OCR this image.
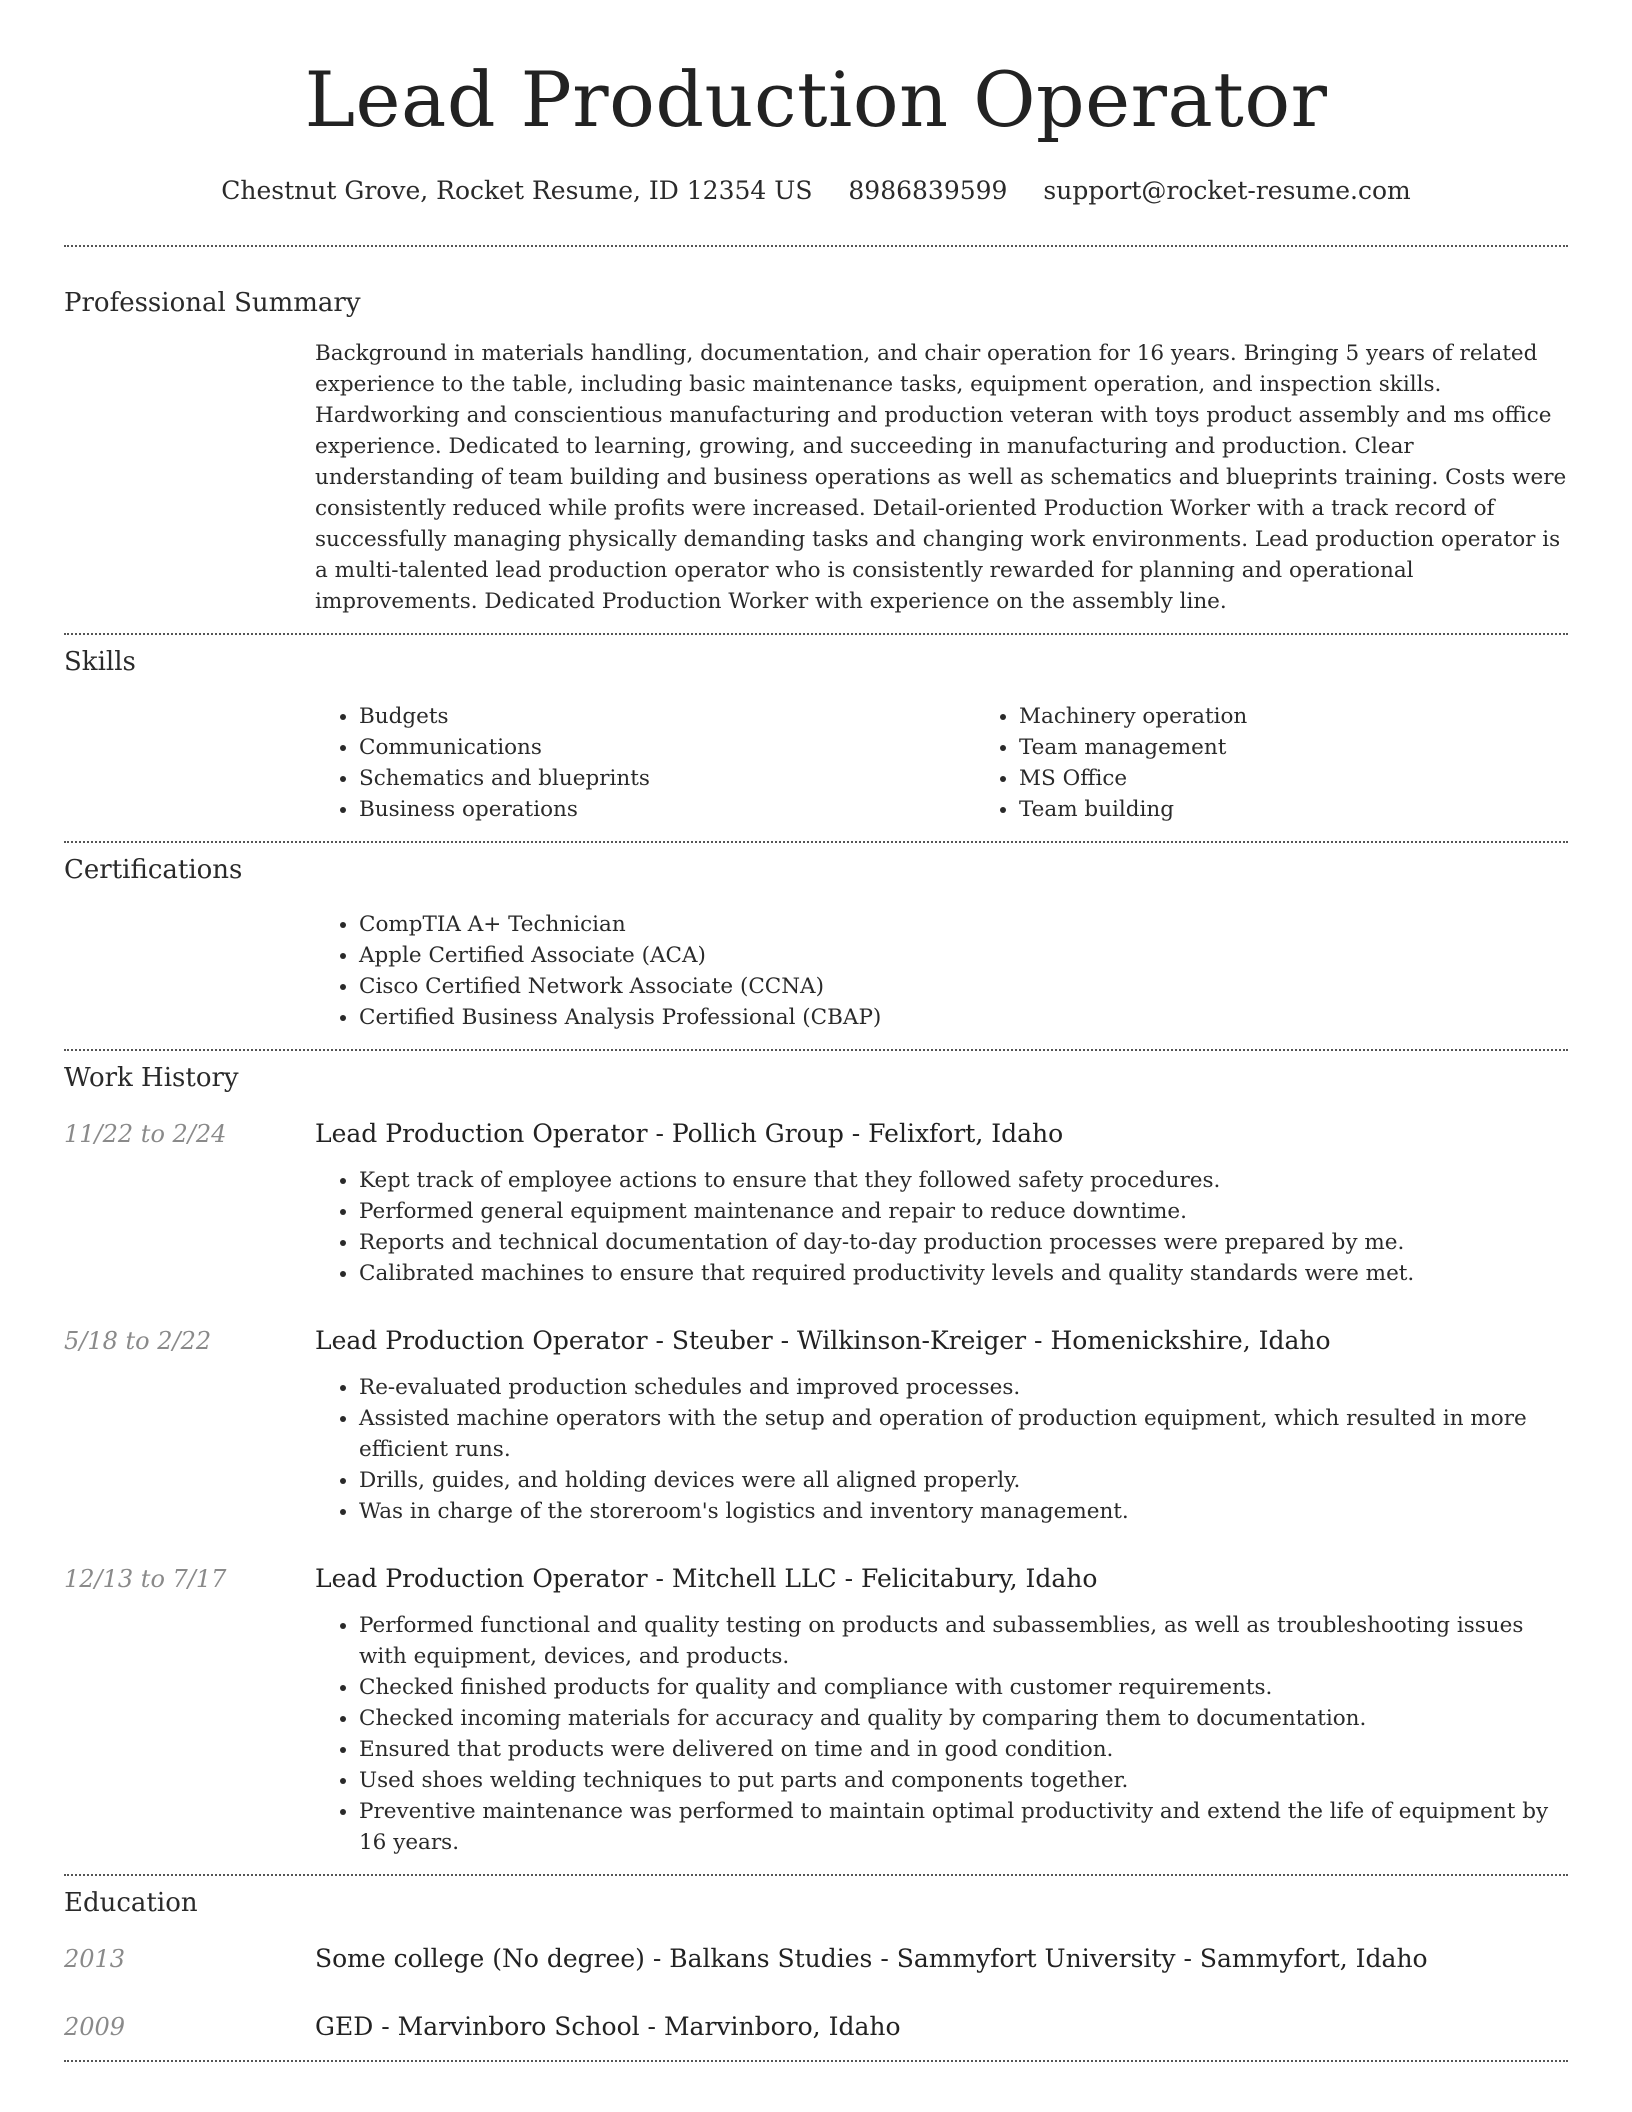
Lead Production Operator
Chestnut Grove, Rocket Resume, ID 12354 US 8986839599 support@rocket-resume.com
Professional Summary
Background in materials handling, documentation, and chair operation for 16 years. Bringing 5 years of related experience to the table, including basic maintenance tasks, equipment operation, and inspection skills. Hardworking and conscientious manufacturing and production veteran with toys product assembly and ms office experience. Dedicated to learning, growing, and succeeding in manufacturing and production. Clear understanding of team building and business operations as well as schematics and blueprints training. Costs were consistently reduced while profits were increased. Detail-oriented Production Worker with a track record of successfully managing physically demanding tasks and changing work environments. Lead production operator is a multi-talented lead production operator who is consistently rewarded for planning and operational improvements. Dedicated Production Worker with experience on the assembly line.
Skills
• Budgets
• Communications
• Schematics and blueprints
• Business operations
• Machinery operation
• Team management
• MS Office
• Team building
Certifications
• CompTIA A+ Technician
• Apple Certified Associate (ACA)
• Cisco Certified Network Associate (CCNA)
• Certified Business Analysis Professional (CBAP)
Work History
11/22 to 2/24	Lead Production Operator - Pollich Group - Felixfort, Idaho
• Kept track of employee actions to ensure that they followed safety procedures.
• Performed general equipment maintenance and repair to reduce downtime.
• Reports and technical documentation of day-to-day production processes were prepared by me.
• Calibrated machines to ensure that required productivity levels and quality standards were met.
5/18 to 2/22	Lead Production Operator - Steuber - Wilkinson-Kreiger - Homenickshire, Idaho
• Re-evaluated production schedules and improved processes.
• Assisted machine operators with the setup and operation of production equipment, which resulted in more efficient runs.
• Drills, guides, and holding devices were all aligned properly.
• Was in charge of the storeroom's logistics and inventory management.
12/13 to 7/17	Lead Production Operator - Mitchell LLC - Felicitabury, Idaho
• Performed functional and quality testing on products and subassemblies, as well as troubleshooting issues with equipment, devices, and products.
• Checked finished products for quality and compliance with customer requirements.
• Checked incoming materials for accuracy and quality by comparing them to documentation.
• Ensured that products were delivered on time and in good condition.
• Used shoes welding techniques to put parts and components together.
• Preventive maintenance was performed to maintain optimal productivity and extend the life of equipment by 16 years.
Education
2013	Some college (No degree) - Balkans Studies - Sammyfort University - Sammyfort, Idaho
2009	GED - Marvinboro School - Marvinboro, Idaho
